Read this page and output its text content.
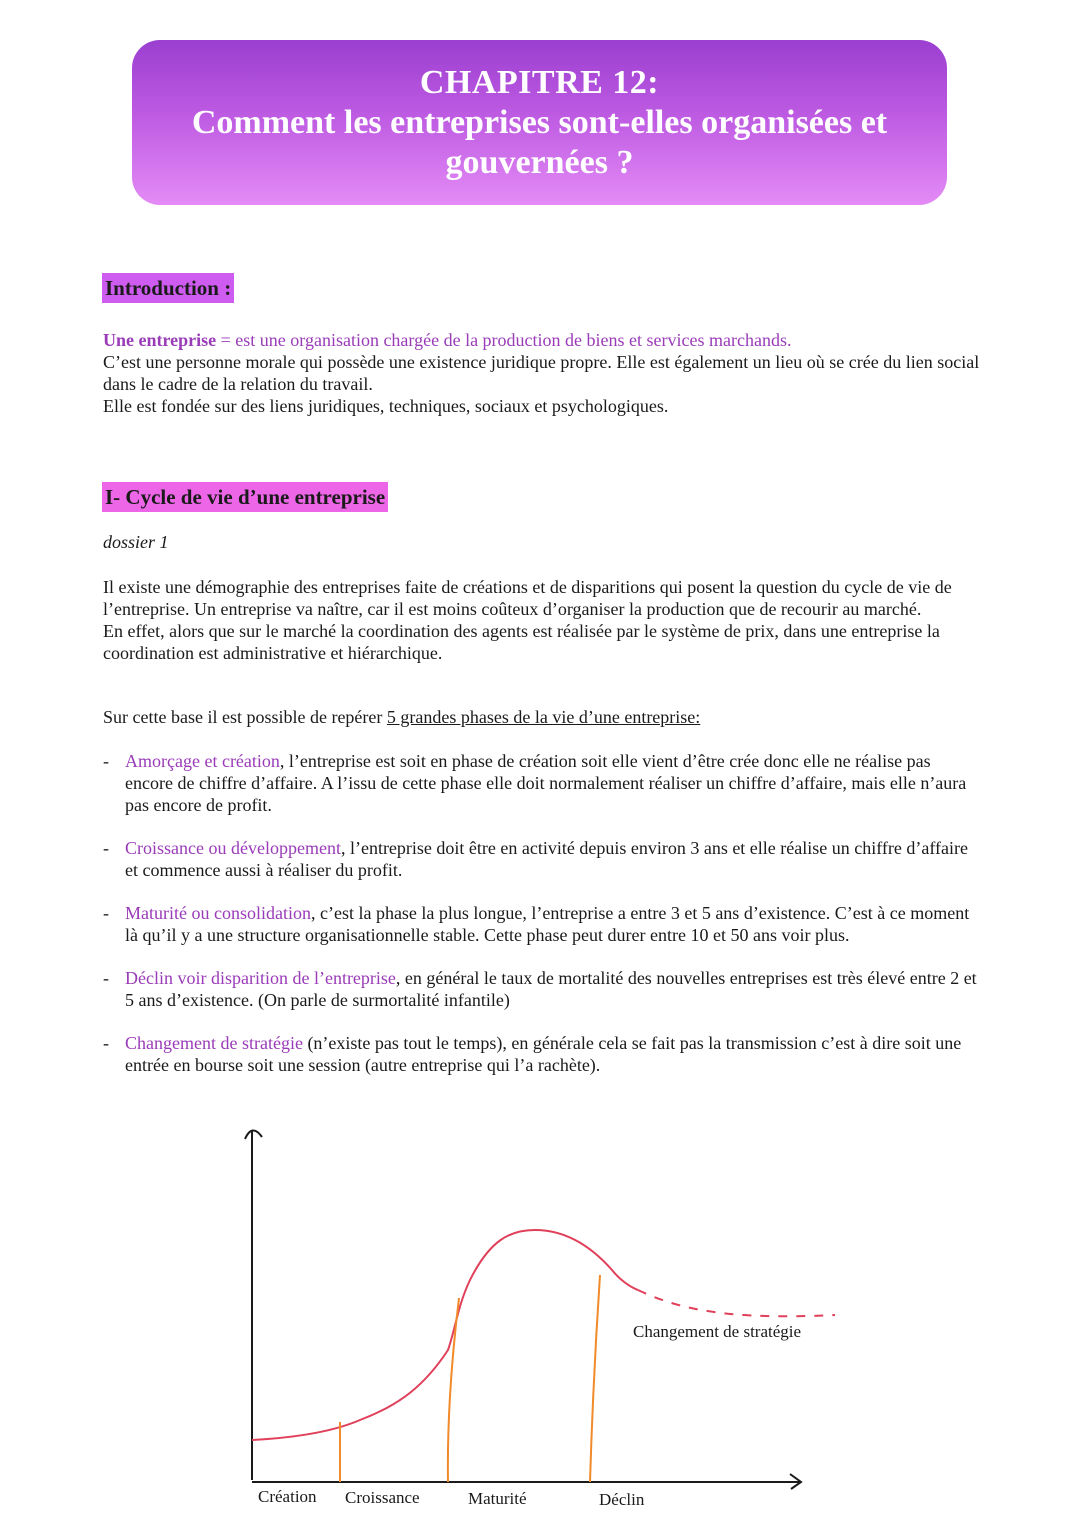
CHAPITRE 12:
Comment les entreprises sont-elles organisées et
gouvernées ?
Introduction :

Une entreprise = est une organisation chargée de la production de biens et services marchands.

C’est une personne morale qui possède une existence juridique propre. Elle est également un lieu où se crée du lien social dans le cadre de la relation du travail.

Elle est fondée sur des liens juridiques, techniques, sociaux et psychologiques.

I- Cycle de vie d’une entreprise
dossier 1

Il existe une démographie des entreprises faite de créations et de disparitions qui posent la question du cycle de vie de l’entreprise. Un entreprise va naître, car il est moins coûteux d’organiser la production que de recourir au marché.

En effet, alors que sur le marché la coordination des agents est réalisée par le système de prix, dans une entreprise la coordination est administrative et hiérarchique.

Sur cette base il est possible de repérer 5 grandes phases de la vie d’une entreprise:

- Amorçage et création, l’entreprise est soit en phase de création soit elle vient d’être crée donc elle ne réalise pas encore de chiffre d’affaire. A l’issu de cette phase elle doit normalement réaliser un chiffre d’affaire, mais elle n’aura pas encore de profit.
- Croissance ou développement, l’entreprise doit être en activité depuis environ 3 ans et elle réalise un chiffre d’affaire et commence aussi à réaliser du profit.
- Maturité ou consolidation, c’est la phase la plus longue, l’entreprise a entre 3 et 5 ans d’existence. C’est à ce moment là qu’il y a une structure organisationnelle stable. Cette phase peut durer entre 10 et 50 ans voir plus.
- Déclin voir disparition de l’entreprise, en général le taux de mortalité des nouvelles entreprises est très élevé entre 2 et 5 ans d’existence. (On parle de surmortalité infantile)
- Changement de stratégie (n’existe pas tout le temps), en générale cela se fait pas la transmission c’est à dire soit une entrée en bourse soit une session (autre entreprise qui l’a rachète).
Changement de stratégie
Création Croissance	Maturité	Déclin
